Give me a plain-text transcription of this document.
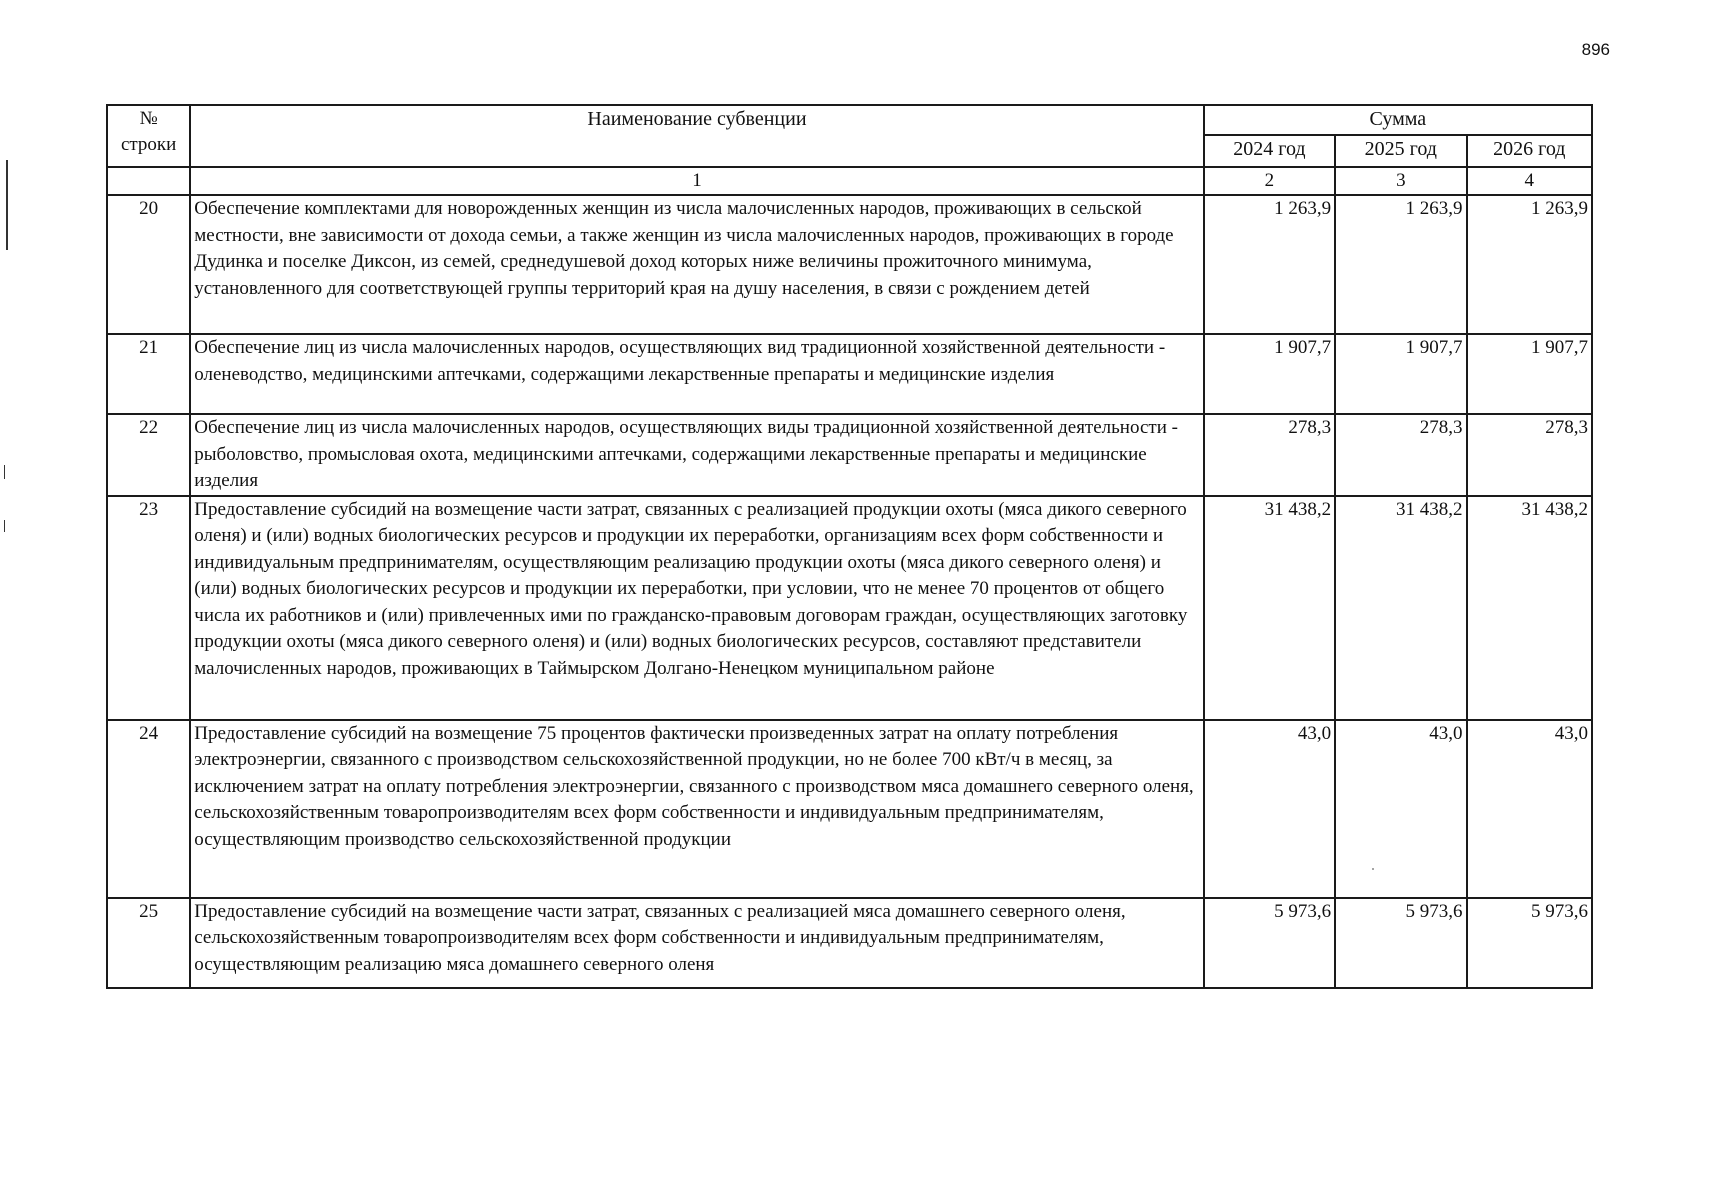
896
№
строки	Наименование субвенции	Сумма		
		2024 год	2025 год	2026 год
	1	2	3	4
20	Обеспечение комплектами для новорожденных женщин из числа малочисленных народов, проживающих в сельской местности, вне зависимости от дохода семьи, а также женщин из числа малочисленных народов, проживающих в городе Дудинка и поселке Диксон, из семей, среднедушевой доход которых ниже величины прожиточного минимума, установленного для соответствующей группы территорий края на душу населения, в связи с рождением детей	1 263,9	1 263,9	1 263,9
21	Обеспечение лиц из числа малочисленных народов, осуществляющих вид традиционной хозяйственной деятельности - оленеводство, медицинскими аптечками, содержащими лекарственные препараты и медицинские изделия	1 907,7	1 907,7	1 907,7
22	Обеспечение лиц из числа малочисленных народов, осуществляющих виды традиционной хозяйственной деятельности - рыболовство, промысловая охота, медицинскими аптечками, содержащими лекарственные препараты и медицинские изделия	278,3	278,3	278,3
23	Предоставление субсидий на возмещение части затрат, связанных с реализацией продукции охоты (мяса дикого северного оленя) и (или) водных биологических ресурсов и продукции их переработки, организациям всех форм собственности и индивидуальным предпринимателям, осуществляющим реализацию продукции охоты (мяса дикого северного оленя) и (или) водных биологических ресурсов и продукции их переработки, при условии, что не менее 70 процентов от общего числа их работников и (или) привлеченных ими по гражданско-правовым договорам граждан, осуществляющих заготовку продукции охоты (мяса дикого северного оленя) и (или) водных биологических ресурсов, составляют представители малочисленных народов, проживающих в Таймырском Долгано-Ненецком муниципальном районе	31 438,2	31 438,2	31 438,2
24	Предоставление субсидий на возмещение 75 процентов фактически произведенных затрат на оплату потребления электроэнергии, связанного с производством сельскохозяйственной продукции, но не более 700 кВт/ч в месяц, за исключением затрат на оплату потребления электроэнергии, связанного с производством мяса домашнего северного оленя, сельскохозяйственным товаропроизводителям всех форм собственности и индивидуальным предпринимателям, осуществляющим производство сельскохозяйственной продукции	43,0	43,0	43,0
25	Предоставление субсидий на возмещение части затрат, связанных с реализацией мяса домашнего северного оленя, сельскохозяйственным товаропроизводителям всех форм собственности и индивидуальным предпринимателям, осуществляющим реализацию мяса домашнего северного оленя	5 973,6	5 973,6	5 973,6
